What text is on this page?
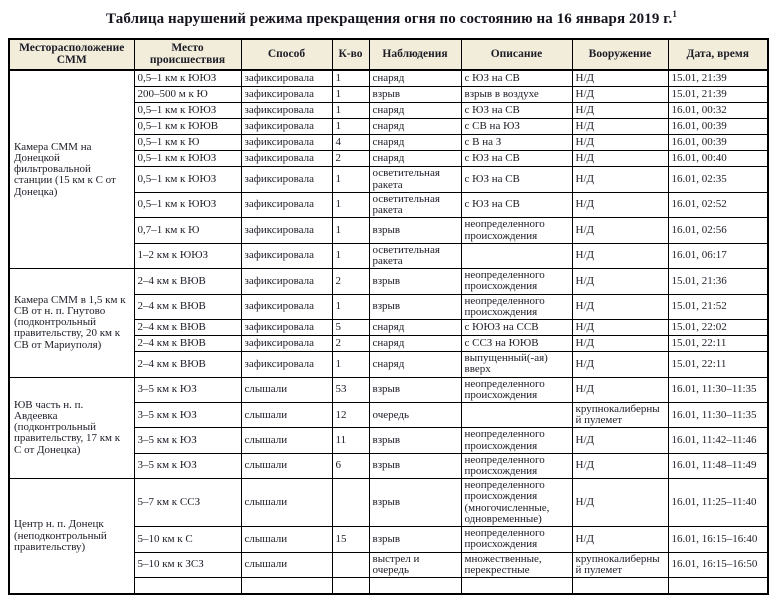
Таблица нарушений режима прекращения огня по состоянию на 16 января 2019 г.$^1$
Месторасположение СММ	Место происшествия	Способ	К-во	Наблюдения	Описание	Вооружение	Дата, время
Камера СММ на Донецкой фильтровальной станции (15 км к С от Донецка)	0,5–1 км к ЮЮЗ	зафиксировала	1	снаряд	с ЮЗ на СВ	Н/Д	15.01, 21:39
	200–500 м к Ю	зафиксировала	1	взрыв	взрыв в воздухе	Н/Д	15.01, 21:39
	0,5–1 км к ЮЮЗ	зафиксировала	1	снаряд	с ЮЗ на СВ	Н/Д	16.01, 00:32
	0,5–1 км к ЮЮВ	зафиксировала	1	снаряд	с СВ на ЮЗ	Н/Д	16.01, 00:39
	0,5–1 км к Ю	зафиксировала	4	снаряд	с В на З	Н/Д	16.01, 00:39
	0,5–1 км к ЮЮЗ	зафиксировала	2	снаряд	с ЮЗ на СВ	Н/Д	16.01, 00:40
	0,5–1 км к ЮЮЗ	зафиксировала	1	осветительная ракета	с ЮЗ на СВ	Н/Д	16.01, 02:35
	0,5–1 км к ЮЮЗ	зафиксировала	1	осветительная ракета	с ЮЗ на СВ	Н/Д	16.01, 02:52
	0,7–1 км к Ю	зафиксировала	1	взрыв	неопределенного происхождения	Н/Д	16.01, 02:56
	1–2 км к ЮЮЗ	зафиксировала	1	осветительная ракета		Н/Д	16.01, 06:17
Камера СММ в 1,5 км к СВ от н. п. Гнутово (подконтрольный правительству, 20 км к СВ от Мариуполя)	2–4 км к ВЮВ	зафиксировала	2	взрыв	неопределенного происхождения	Н/Д	15.01, 21:36
	2–4 км к ВЮВ	зафиксировала	1	взрыв	неопределенного происхождения	Н/Д	15.01, 21:52
	2–4 км к ВЮВ	зафиксировала	5	снаряд	с ЮЮЗ на ССВ	Н/Д	15.01, 22:02
	2–4 км к ВЮВ	зафиксировала	2	снаряд	с ССЗ на ЮЮВ	Н/Д	15.01, 22:11
	2–4 км к ВЮВ	зафиксировала	1	снаряд	выпущенный(-ая) вверх	Н/Д	15.01, 22:11
ЮВ часть н. п. Авдеевка (подконтрольный правительству, 17 км к С от Донецка)	3–5 км к ЮЗ	слышали	53	взрыв	неопределенного происхождения	Н/Д	16.01, 11:30–11:35
	3–5 км к ЮЗ	слышали	12	очередь		крупнокалиберный пулемет	16.01, 11:30–11:35
	3–5 км к ЮЗ	слышали	11	взрыв	неопределенного происхождения	Н/Д	16.01, 11:42–11:46
	3–5 км к ЮЗ	слышали	6	взрыв	неопределенного происхождения	Н/Д	16.01, 11:48–11:49
Центр н. п. Донецк (неподконтрольный правительству)	5–7 км к ССЗ	слышали		взрыв	неопределенного происхождения (многочисленные, одновременные)	Н/Д	16.01, 11:25–11:40
	5–10 км к С	слышали	15	взрыв	неопределенного происхождения	Н/Д	16.01, 16:15–16:40
	5–10 км к ЗСЗ	слышали		выстрел и очередь	множественные, перекрестные	крупнокалиберный пулемет	16.01, 16:15–16:50
